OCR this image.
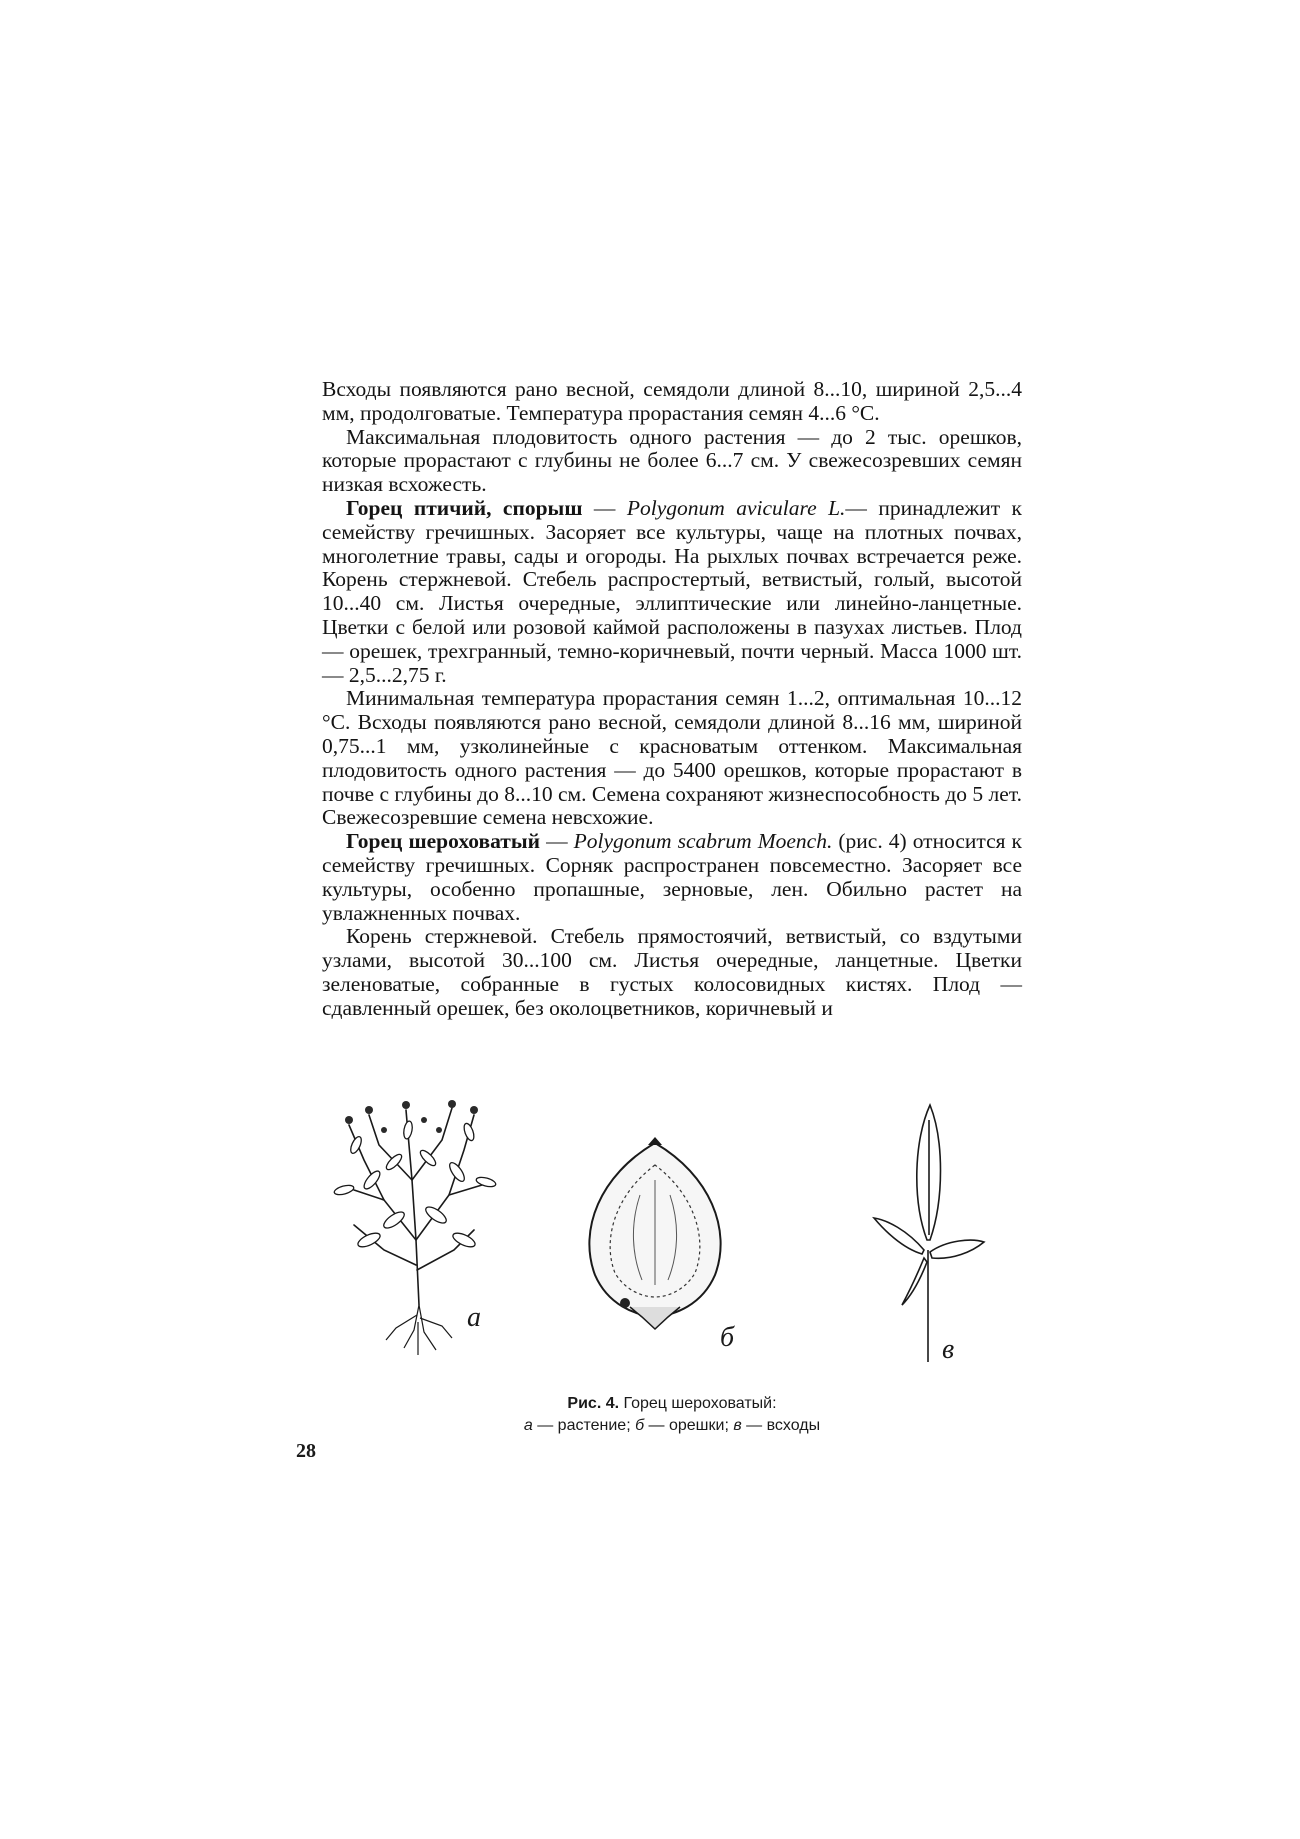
Всходы появляются рано весной, семядоли длиной 8...10, шириной 2,5...4 мм, продолговатые. Температура прорастания семян 4...6 °С.

Максимальная плодовитость одного растения — до 2 тыс. орешков, которые прорастают с глубины не более 6...7 см. У свежесозревших семян низкая всхожесть.

Горец птичий, спорыш — Polygonum aviculare L.— принадлежит к семейству гречишных. Засоряет все культуры, чаще на плотных почвах, многолетние травы, сады и огороды. На рыхлых почвах встречается реже. Корень стержневой. Стебель распростертый, ветвистый, голый, высотой 10...40 см. Листья очередные, эллиптические или линейно-ланцетные. Цветки с белой или розовой каймой расположены в пазухах листьев. Плод — орешек, трехгранный, темно-коричневый, почти черный. Масса 1000 шт.— 2,5...2,75 г.

Минимальная температура прорастания семян 1...2, оптимальная 10...12 °С. Всходы появляются рано весной, семядоли длиной 8...16 мм, шириной 0,75...1 мм, узколинейные с красноватым оттенком. Максимальная плодовитость одного растения — до 5400 орешков, которые прорастают в почве с глубины до 8...10 см. Семена сохраняют жизнеспособность до 5 лет. Свежесозревшие семена невсхожие.

Горец шероховатый — Polygonum scabrum Moench. (рис. 4) относится к семейству гречишных. Сорняк распространен повсеместно. Засоряет все культуры, особенно пропашные, зерновые, лен. Обильно растет на увлажненных почвах.

Корень стержневой. Стебель прямостоячий, ветвистый, со вздутыми узлами, высотой 30...100 см. Листья очередные, ланцетные. Цветки зеленоватые, собранные в густых колосовидных кистях. Плод — сдавленный орешек, без околоцветников, коричневый и

а
б	в
Рис. 4. Горец шероховатый:
а — растение; б — орешки; в — всходы
28
